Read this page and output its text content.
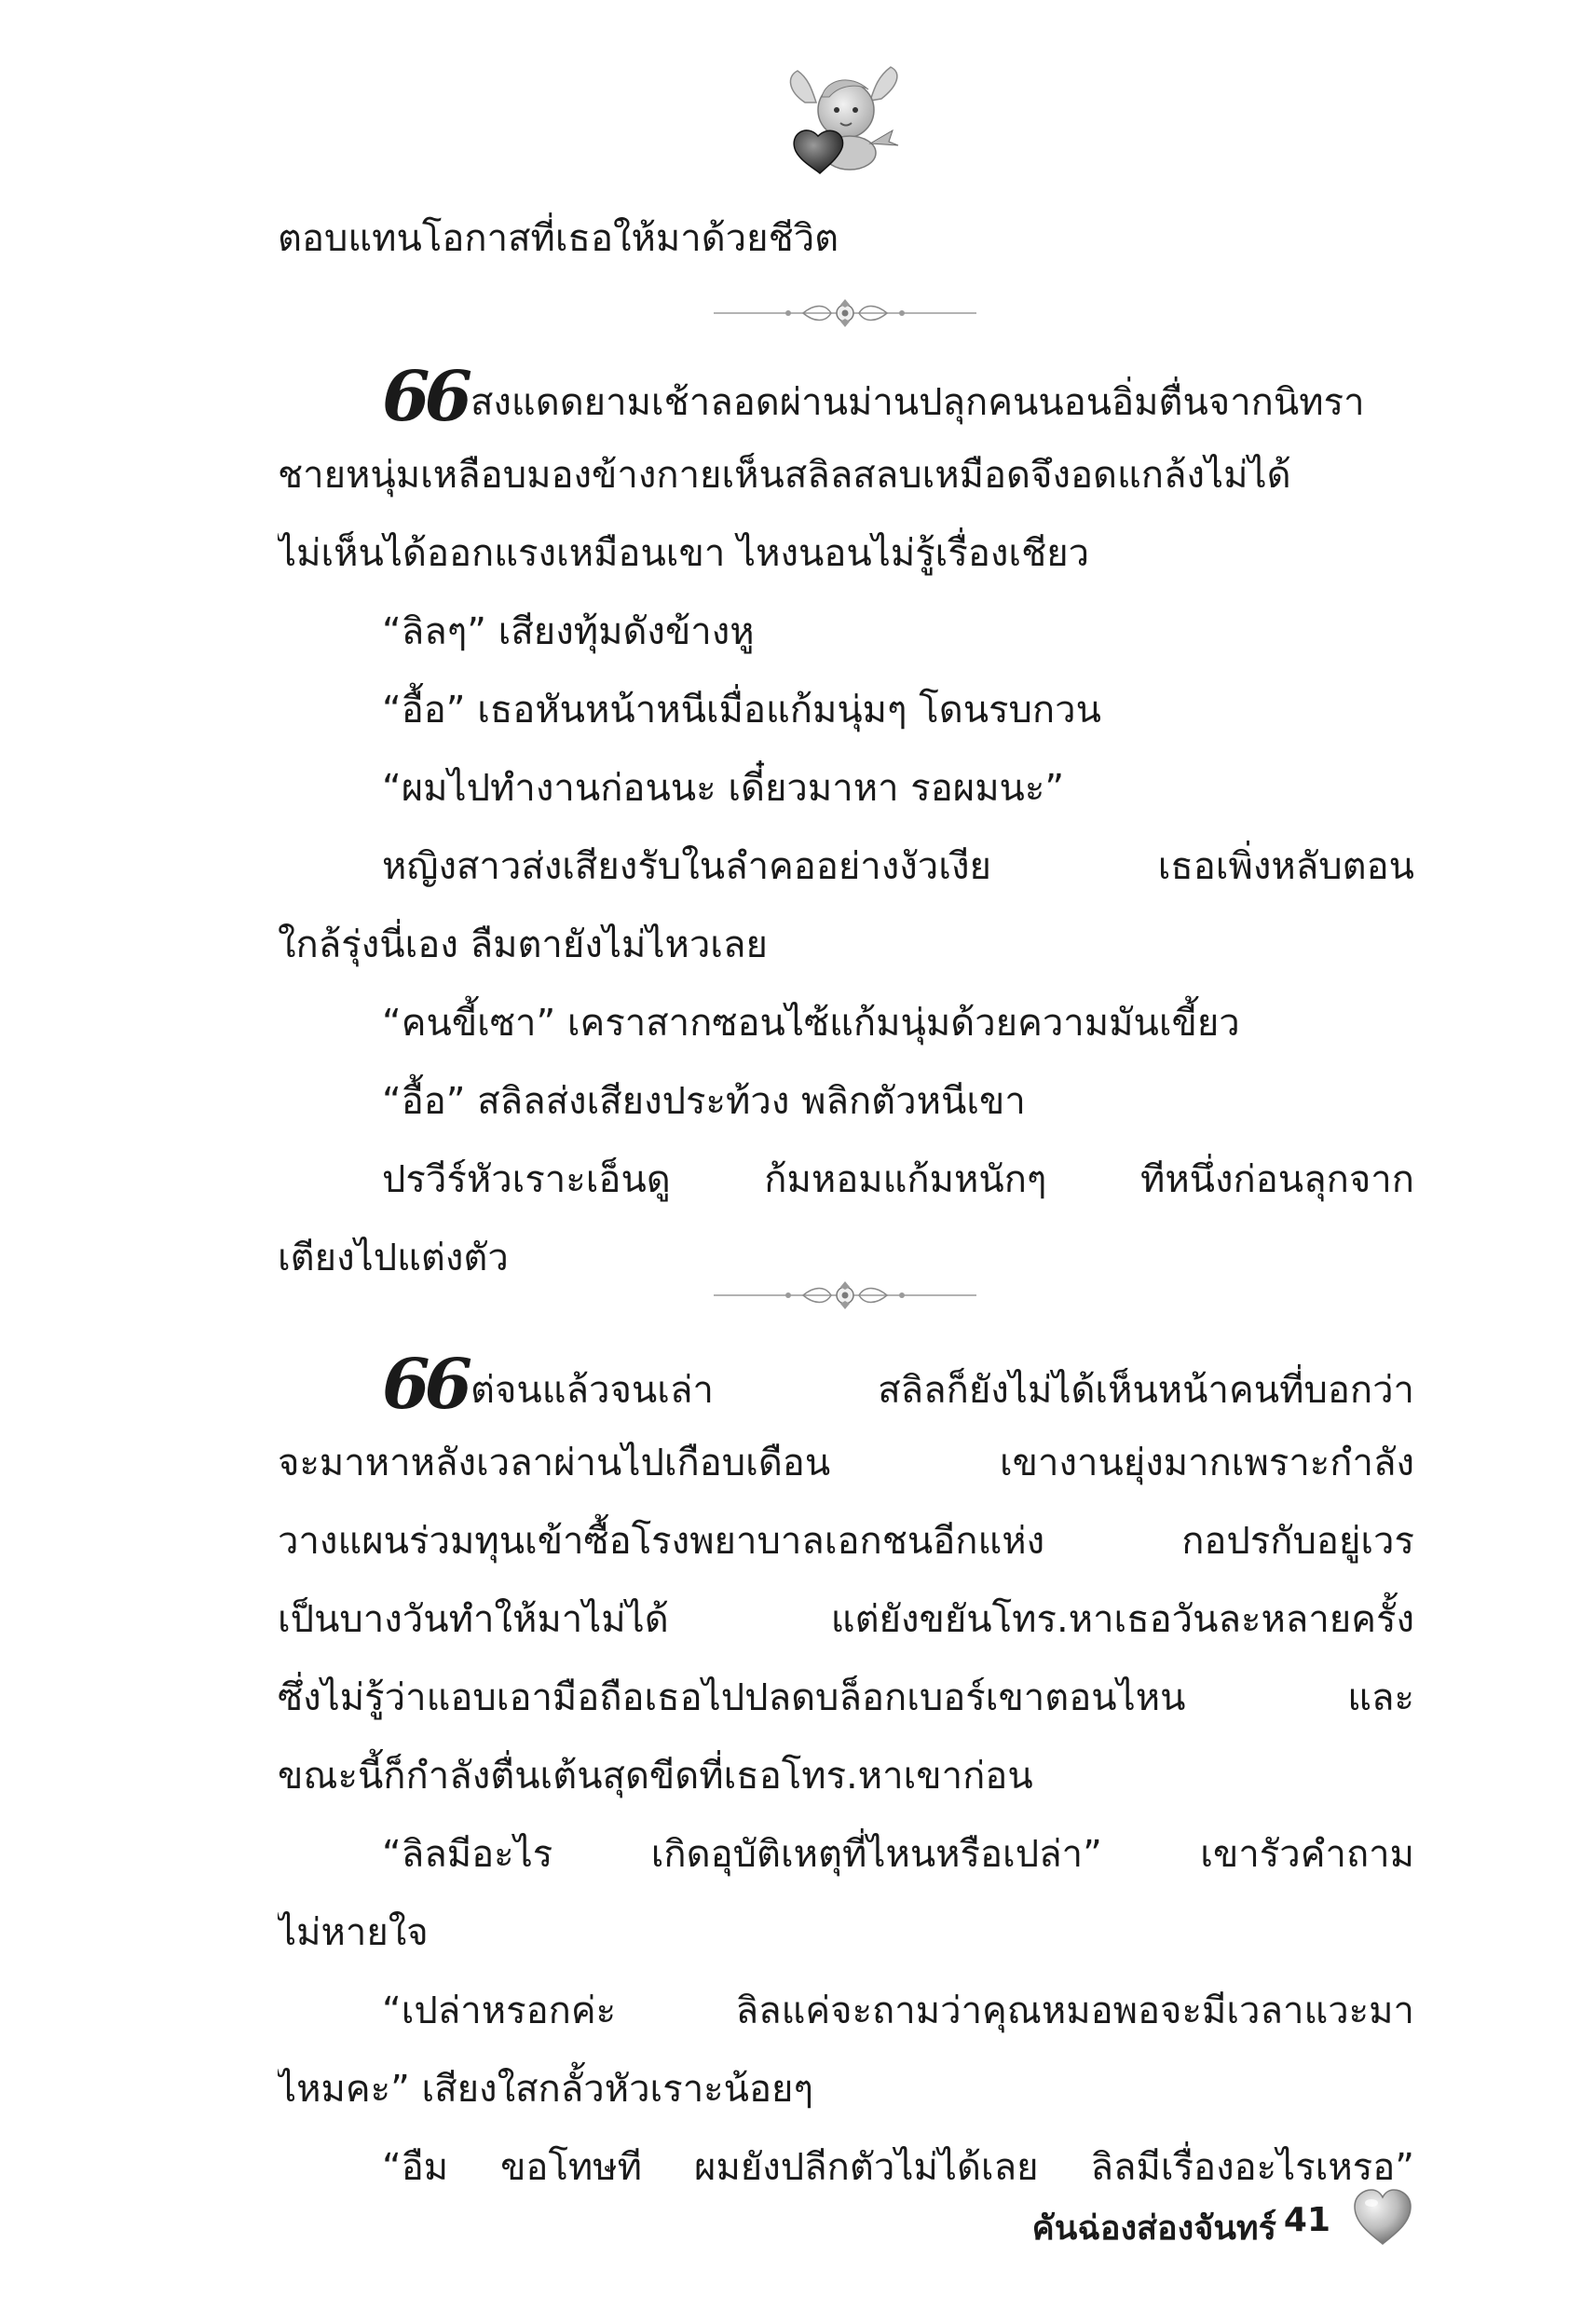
ตอบแทนโอกาสที่เธอให้มาด้วยชีวิต
66 สงแดดยามเช้าลอดผ่านม่านปลุกคนนอนอิ่มตื่นจากนิทรา
ชายหนุ่มเหลือบมองข้างกายเห็นสลิลสลบเหมือดจึงอดแกล้งไม่ได้
ไม่เห็นได้ออกแรงเหมือนเขา ไหงนอนไม่รู้เรื่องเชียว
“ลิลๆ” เสียงทุ้มดังข้างหู
“อื้อ” เธอหันหน้าหนีเมื่อแก้มนุ่มๆ โดนรบกวน
“ผมไปทำงานก่อนนะ เดี๋ยวมาหา รอผมนะ”
หญิงสาวส่งเสียงรับในลำคออย่างงัวเงีย เธอเพิ่งหลับตอน
ใกล้รุ่งนี่เอง ลืมตายังไม่ไหวเลย
“คนขี้เซา” เคราสากซอนไซ้แก้มนุ่มด้วยความมันเขี้ยว
“อื้อ” สลิลส่งเสียงประท้วง พลิกตัวหนีเขา
ปรวีร์หัวเราะเอ็นดู ก้มหอมแก้มหนักๆ ทีหนึ่งก่อนลุกจาก
เตียงไปแต่งตัว
66 ต่จนแล้วจนเล่า สลิลก็ยังไม่ได้เห็นหน้าคนที่บอกว่า
จะมาหาหลังเวลาผ่านไปเกือบเดือน เขางานยุ่งมากเพราะกำลัง
วางแผนร่วมทุนเข้าซื้อโรงพยาบาลเอกชนอีกแห่ง กอปรกับอยู่เวร
เป็นบางวันทำให้มาไม่ได้ แต่ยังขยันโทร.หาเธอวันละหลายครั้ง
ซึ่งไม่รู้ว่าแอบเอามือถือเธอไปปลดบล็อกเบอร์เขาตอนไหน และ
ขณะนี้ก็กำลังตื่นเต้นสุดขีดที่เธอโทร.หาเขาก่อน
“ลิลมีอะไร เกิดอุบัติเหตุที่ไหนหรือเปล่า” เขารัวคำถาม
ไม่หายใจ
“เปล่าหรอกค่ะ ลิลแค่จะถามว่าคุณหมอพอจะมีเวลาแวะมา
ไหมคะ” เสียงใสกลั้วหัวเราะน้อยๆ
“อืม ขอโทษที ผมยังปลีกตัวไม่ได้เลย ลิลมีเรื่องอะไรเหรอ”
คันฉ่องส่องจันทร์ 41
